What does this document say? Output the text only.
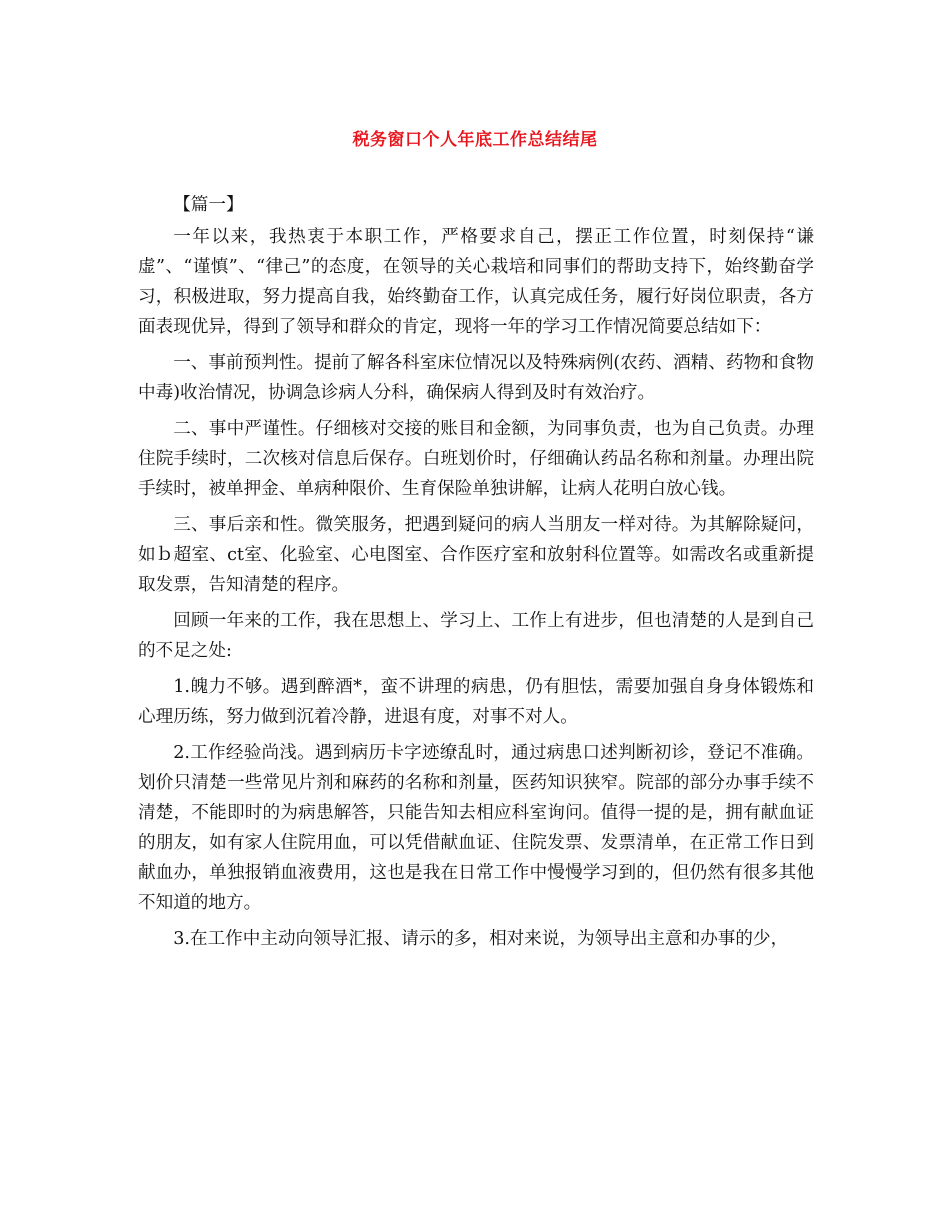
税务窗口个人年底工作总结结尾

【篇一】

一年以来，我热衷于本职工作，严格要求自己，摆正工作位置，时刻保持“谦虚”、“谨慎”、“律己”的态度，在领导的关心栽培和同事们的帮助支持下，始终勤奋学习，积极进取，努力提高自我，始终勤奋工作，认真完成任务，履行好岗位职责，各方面表现优异，得到了领导和群众的肯定，现将一年的学习工作情况简要总结如下：

一、事前预判性。提前了解各科室床位情况以及特殊病例(农药、酒精、药物和食物中毒)收治情况，协调急诊病人分科，确保病人得到及时有效治疗。

二、事中严谨性。仔细核对交接的账目和金额，为同事负责，也为自己负责。办理住院手续时，二次核对信息后保存。白班划价时，仔细确认药品名称和剂量。办理出院手续时，被单押金、单病种限价、生育保险单独讲解，让病人花明白放心钱。

三、事后亲和性。微笑服务，把遇到疑问的病人当朋友一样对待。为其解除疑问，如ｂ超室、ct室、化验室、心电图室、合作医疗室和放射科位置等。如需改名或重新提取发票，告知清楚的程序。

回顾一年来的工作，我在思想上、学习上、工作上有进步，但也清楚的人是到自己的不足之处:

1.魄力不够。遇到醉酒*，蛮不讲理的病患，仍有胆怯，需要加强自身身体锻炼和心理历练，努力做到沉着冷静，进退有度，对事不对人。

2.工作经验尚浅。遇到病历卡字迹缭乱时，通过病患口述判断初诊，登记不准确。划价只清楚一些常见片剂和麻药的名称和剂量，医药知识狭窄。院部的部分办事手续不清楚，不能即时的为病患解答，只能告知去相应科室询问。值得一提的是，拥有献血证的朋友，如有家人住院用血，可以凭借献血证、住院发票、发票清单，在正常工作日到献血办，单独报销血液费用，这也是我在日常工作中慢慢学习到的，但仍然有很多其他不知道的地方。

3.在工作中主动向领导汇报、请示的多，相对来说，为领导出主意和办事的少，
